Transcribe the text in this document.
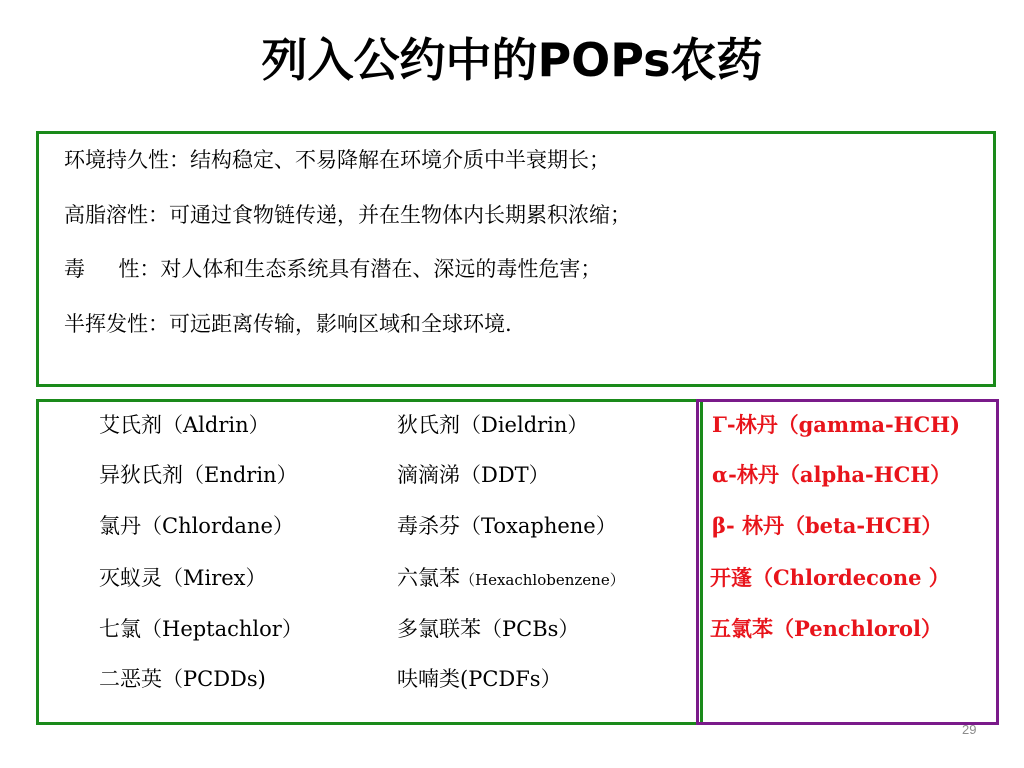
列入公约中的POPs农药
环境持久性：结构稳定、不易降解在环境介质中半衰期长；
高脂溶性：可通过食物链传递，并在生物体内长期累积浓缩；
毒     性：对人体和生态系统具有潜在、深远的毒性危害；
半挥发性：可远距离传输，影响区域和全球环境.
艾氏剂（Aldrin）
异狄氏剂（Endrin）
氯丹（Chlordane）
灭蚁灵（Mirex）
七氯（Heptachlor）
二恶英（PCDDs)
狄氏剂（Dieldrin）
滴滴涕（DDT）
毒杀芬（Toxaphene）
六氯苯（Hexachlobenzene）
多氯联苯（PCBs）
呋喃类(PCDFs）
Γ-林丹（gamma-HCH)
α-林丹（alpha-HCH）
β- 林丹（beta-HCH）
开蓬（Chlordecone ）
五氯苯（Penchlorol）
29
